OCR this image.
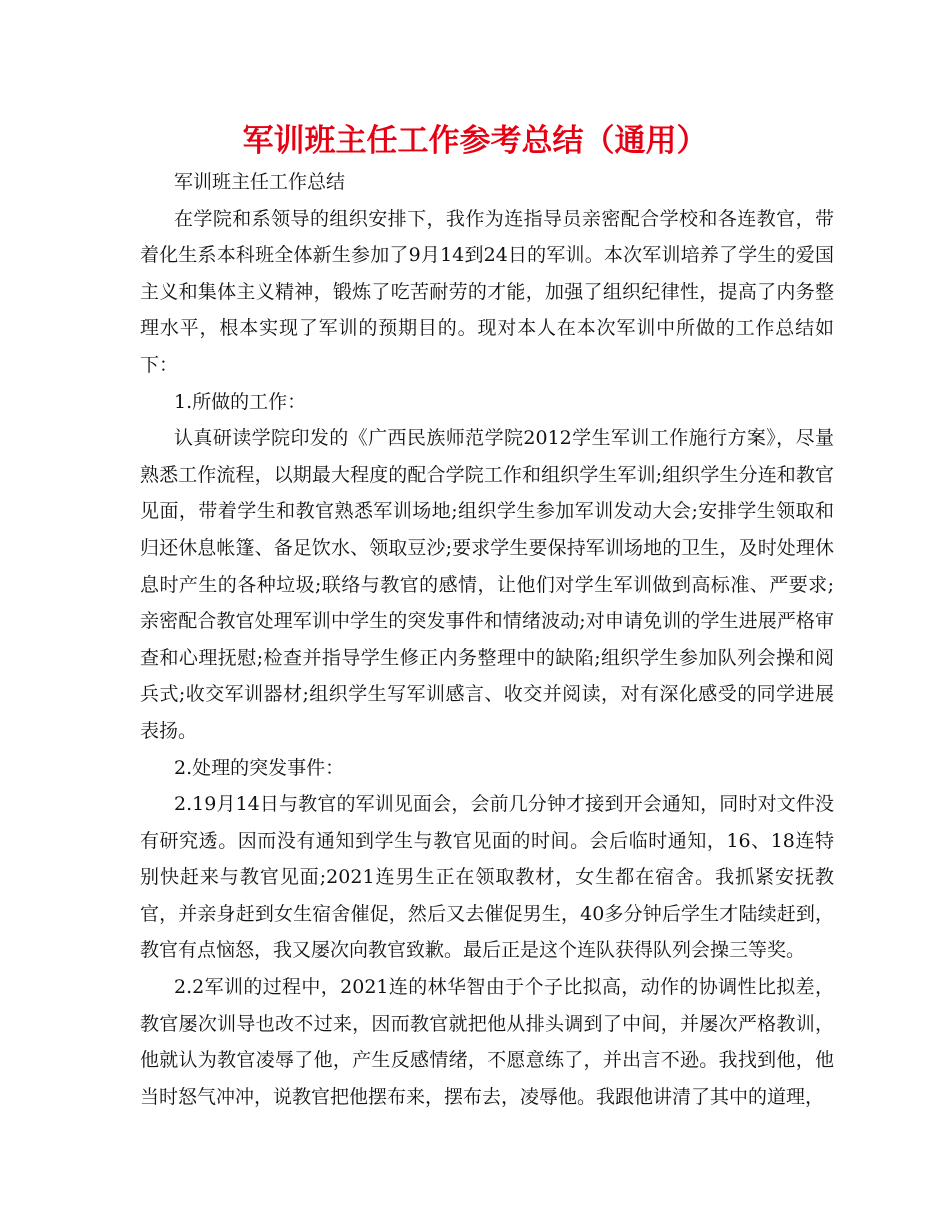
军训班主任工作参考总结（通用）

军训班主任工作总结

在学院和系领导的组织安排下，我作为连指导员亲密配合学校和各连教官，带着化生系本科班全体新生参加了9月14到24日的军训。本次军训培养了学生的爱国主义和集体主义精神，锻炼了吃苦耐劳的才能，加强了组织纪律性，提高了内务整理水平，根本实现了军训的预期目的。现对本人在本次军训中所做的工作总结如下：

1.所做的工作：

认真研读学院印发的《广西民族师范学院2012学生军训工作施行方案》，尽量熟悉工作流程，以期最大程度的配合学院工作和组织学生军训;组织学生分连和教官见面，带着学生和教官熟悉军训场地;组织学生参加军训发动大会;安排学生领取和归还休息帐篷、备足饮水、领取豆沙;要求学生要保持军训场地的卫生，及时处理休息时产生的各种垃圾;联络与教官的感情，让他们对学生军训做到高标准、严要求;亲密配合教官处理军训中学生的突发事件和情绪波动;对申请免训的学生进展严格审查和心理抚慰;检查并指导学生修正内务整理中的缺陷;组织学生参加队列会操和阅兵式;收交军训器材;组织学生写军训感言、收交并阅读，对有深化感受的同学进展表扬。

2.处理的突发事件：

2.19月14日与教官的军训见面会，会前几分钟才接到开会通知，同时对文件没有研究透。因而没有通知到学生与教官见面的时间。会后临时通知，16、18连特别快赶来与教官见面;2021连男生正在领取教材，女生都在宿舍。我抓紧安抚教官，并亲身赶到女生宿舍催促，然后又去催促男生，40多分钟后学生才陆续赶到，教官有点恼怒，我又屡次向教官致歉。最后正是这个连队获得队列会操三等奖。

2.2军训的过程中，2021连的林华智由于个子比拟高，动作的协调性比拟差，教官屡次训导也改不过来，因而教官就把他从排头调到了中间，并屡次严格教训，他就认为教官凌辱了他，产生反感情绪，不愿意练了，并出言不逊。我找到他，他当时怒气冲冲，说教官把他摆布来，摆布去，凌辱他。我跟他讲清了其中的道理，
